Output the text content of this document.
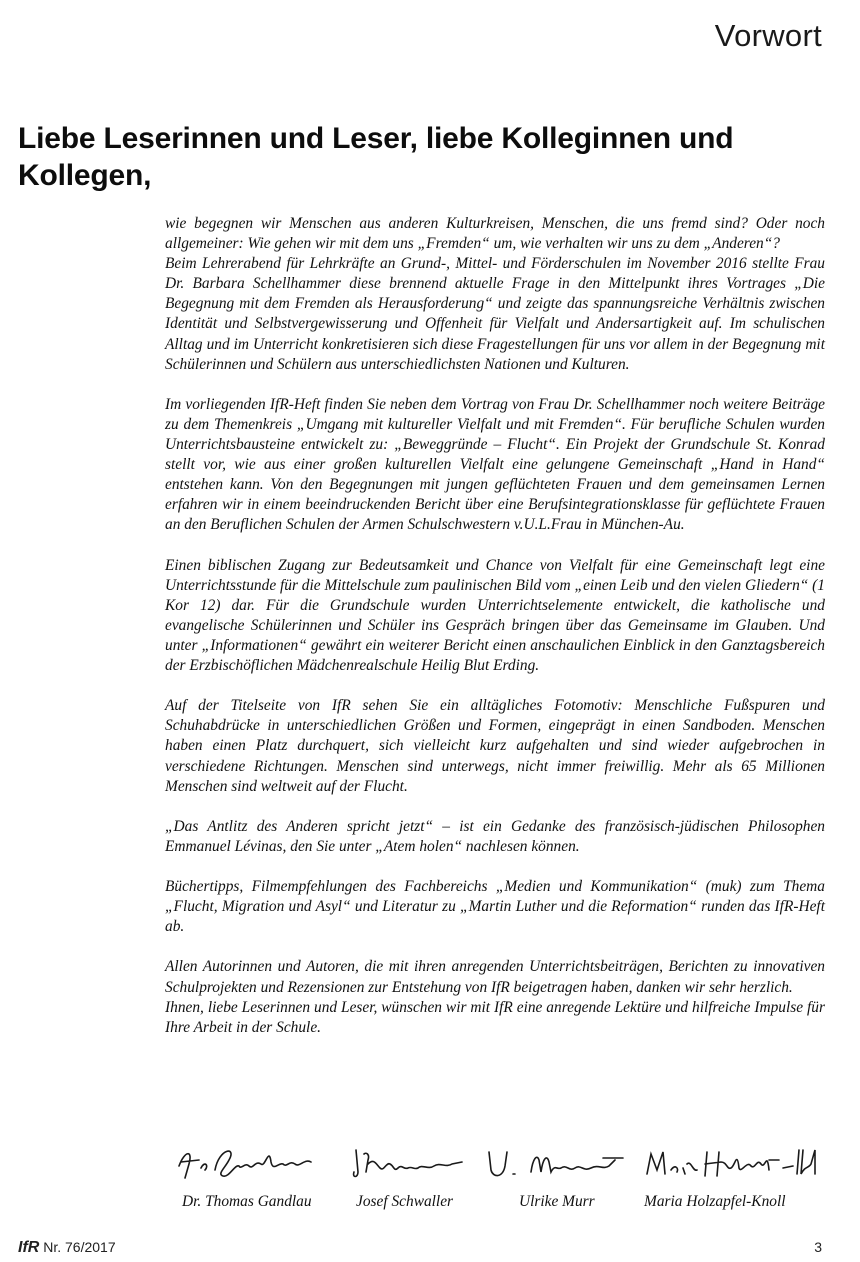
Vorwort
Liebe Leserinnen und Leser, liebe Kolleginnen und Kollegen,

wie begegnen wir Menschen aus anderen Kulturkreisen, Menschen, die uns fremd sind? Oder noch allgemeiner: Wie gehen wir mit dem uns „Fremden“ um, wie verhalten wir uns zu dem „Anderen“?

Beim Lehrerabend für Lehrkräfte an Grund-, Mittel- und Förderschulen im November 2016 stellte Frau Dr. Barbara Schellhammer diese brennend aktuelle Frage in den Mittelpunkt ihres Vortrages „Die Begegnung mit dem Fremden als Herausforderung“ und zeigte das spannungsreiche Verhältnis zwischen Identität und Selbstvergewisserung und Offenheit für Vielfalt und Andersartigkeit auf. Im schulischen Alltag und im Unterricht konkretisieren sich diese Fragestellungen für uns vor allem in der Begegnung mit Schülerinnen und Schülern aus unterschiedlichsten Nationen und Kulturen.

Im vorliegenden IfR-Heft finden Sie neben dem Vortrag von Frau Dr. Schellhammer noch weitere Beiträge zu dem Themenkreis „Umgang mit kultureller Vielfalt und mit Fremden“. Für berufliche Schulen wurden Unterrichtsbausteine entwickelt zu: „Beweggründe – Flucht“. Ein Projekt der Grundschule St. Konrad stellt vor, wie aus einer großen kulturellen Vielfalt eine gelungene Gemeinschaft „Hand in Hand“ entstehen kann. Von den Begegnungen mit jungen geflüchteten Frauen und dem gemeinsamen Lernen erfahren wir in einem beeindruckenden Bericht über eine Berufsintegrationsklasse für geflüchtete Frauen an den Beruflichen Schulen der Armen Schulschwestern v.U.L.Frau in München-Au.

Einen biblischen Zugang zur Bedeutsamkeit und Chance von Vielfalt für eine Gemeinschaft legt eine Unterrichtsstunde für die Mittelschule zum paulinischen Bild vom „einen Leib und den vielen Gliedern“ (1 Kor 12) dar. Für die Grundschule wurden Unterrichtselemente entwickelt, die katholische und evangelische Schülerinnen und Schüler ins Gespräch bringen über das Gemeinsame im Glauben. Und unter „Informationen“ gewährt ein weiterer Bericht einen anschaulichen Einblick in den Ganztagsbereich der Erzbischöflichen Mädchenrealschule Heilig Blut Erding.

Auf der Titelseite von IfR sehen Sie ein alltägliches Fotomotiv: Menschliche Fußspuren und Schuhabdrücke in unterschiedlichen Größen und Formen, eingeprägt in einen Sandboden. Menschen haben einen Platz durchquert, sich vielleicht kurz aufgehalten und sind wieder aufgebrochen in verschiedene Richtungen. Menschen sind unterwegs, nicht immer freiwillig. Mehr als 65 Millionen Menschen sind weltweit auf der Flucht.

„Das Antlitz des Anderen spricht jetzt“ – ist ein Gedanke des französisch-jüdischen Philosophen Emmanuel Lévinas, den Sie unter „Atem holen“ nachlesen können.

Büchertipps, Filmempfehlungen des Fachbereichs „Medien und Kommunikation“ (muk) zum Thema „Flucht, Migration und Asyl“ und Literatur zu „Martin Luther und die Reformation“ runden das IfR-Heft ab.

Allen Autorinnen und Autoren, die mit ihren anregenden Unterrichtsbeiträgen, Berichten zu innovativen Schulprojekten und Rezensionen zur Entstehung von IfR beigetragen haben, danken wir sehr herzlich.

Ihnen, liebe Leserinnen und Leser, wünschen wir mit IfR eine anregende Lektüre und hilfreiche Impulse für Ihre Arbeit in der Schule.

Dr. Thomas Gandlau	Josef Schwaller	Ulrike Murr	Maria Holzapfel-Knoll
IfR Nr. 76/2017	3
